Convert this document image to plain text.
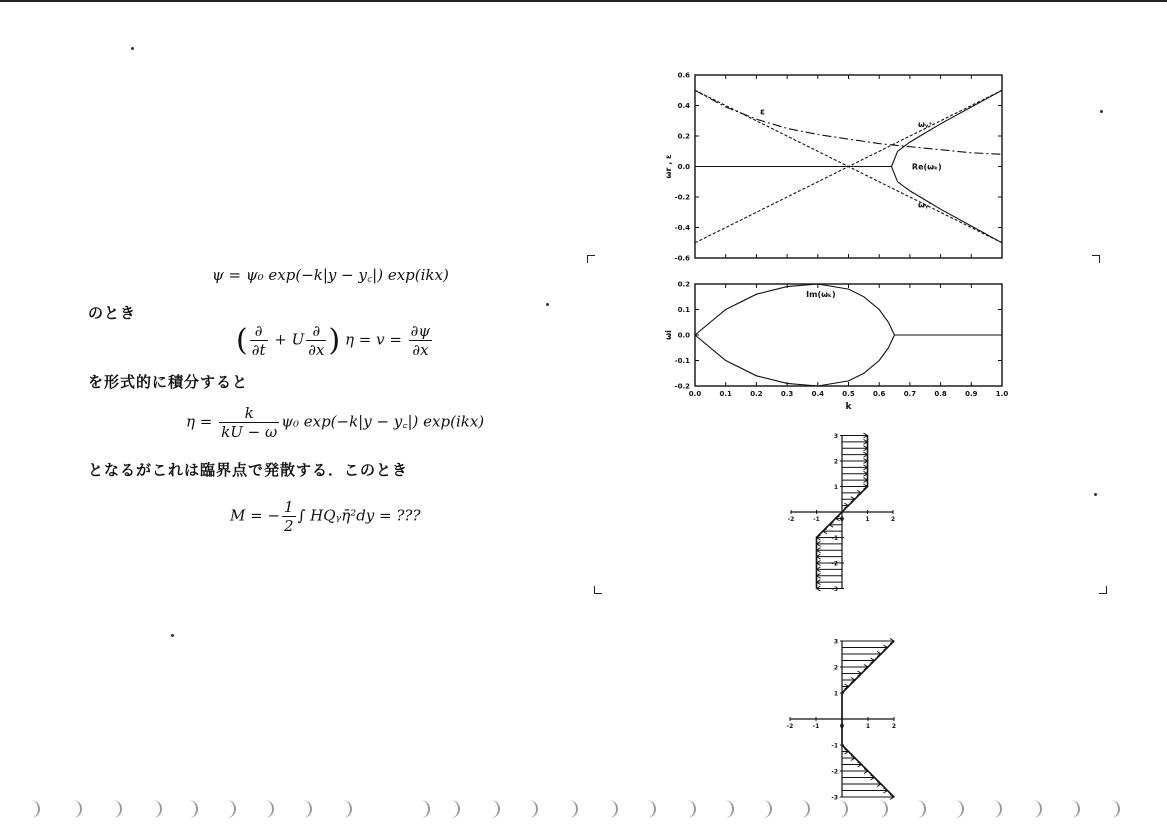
ψ = ψ₀ exp(−k|y − y꜀|) exp(ikx)
のとき
( $\frac{\partial}{\partial t} + U \frac{\partial}{\partial x}$ ) $\eta = v = \frac{\partial\psi}{\partial x}$
を形式的に積分すると
$\eta = \frac{k}{kU - \omega} \psi_0$ exp(−k|y − y꜀|) exp(ikx)
となるがこれは臨界点で発散する．このとき
M = − $\frac{1}{2}$ ∫ HQᵧη̄²dy = ???
-0.6
-0.4
-0.2
0.0
0.2
0.4
0.6
ωr , ε
ε
ωᵧ⁺
Re(ωₖ)
ωᵧ⁻
0.0	0.1	0.2	0.3	0.4	0.5	0.6	0.7	0.8	0.9	1.0
-0.2
-0.1
0.0
0.1
0.2
k
ωi
Im(ωₖ)
-2	-1	0	1	2
3
2
1
-1
-2
-3
-2	-1	0	1	2
3
2
1
-1
-2
-3
